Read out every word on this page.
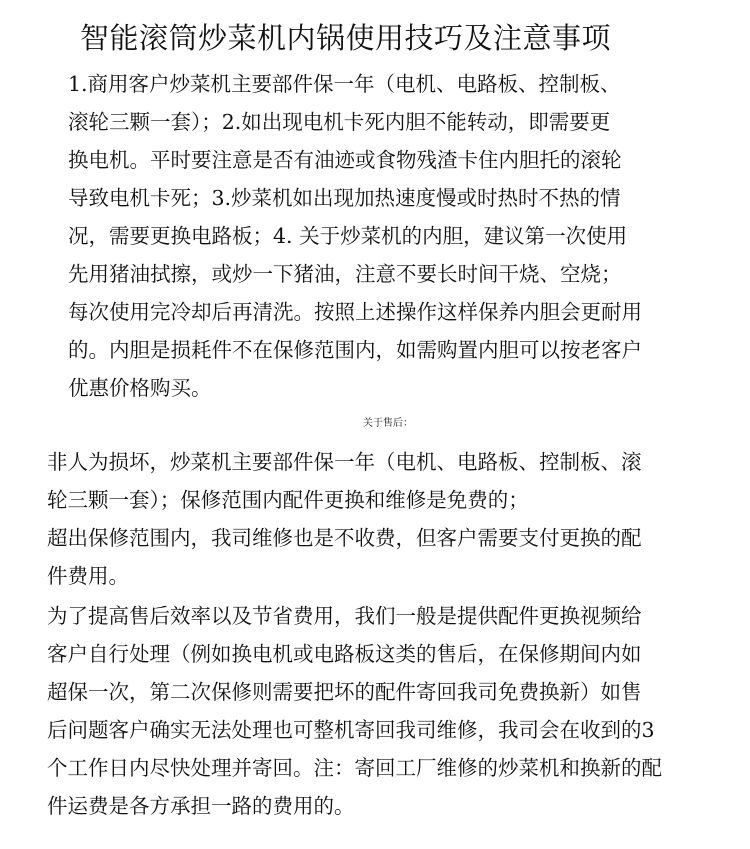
智能滚筒炒菜机内锅使用技巧及注意事项
1.商用客户炒菜机主要部件保一年（电机、电路板、控制板、
滚轮三颗一套）；2.如出现电机卡死内胆不能转动，即需要更
换电机。平时要注意是否有油迹或食物残渣卡住内胆托的滚轮
导致电机卡死；3.炒菜机如出现加热速度慢或时热时不热的情
况，需要更换电路板；4. 关于炒菜机的内胆，建议第一次使用
先用猪油拭擦，或炒一下猪油，注意不要长时间干烧、空烧；
每次使用完冷却后再清洗。按照上述操作这样保养内胆会更耐用
的。内胆是损耗件不在保修范围内，如需购置内胆可以按老客户
优惠价格购买。
关于售后：
非人为损坏，炒菜机主要部件保一年（电机、电路板、控制板、滚
轮三颗一套）；保修范围内配件更换和维修是免费的；
超出保修范围内，我司维修也是不收费，但客户需要支付更换的配
件费用。
为了提高售后效率以及节省费用，我们一般是提供配件更换视频给
客户自行处理（例如换电机或电路板这类的售后，在保修期间内如
超保一次，第二次保修则需要把坏的配件寄回我司免费换新）如售
后问题客户确实无法处理也可整机寄回我司维修，我司会在收到的3
个工作日内尽快处理并寄回。注：寄回工厂维修的炒菜机和换新的配
件运费是各方承担一路的费用的。
